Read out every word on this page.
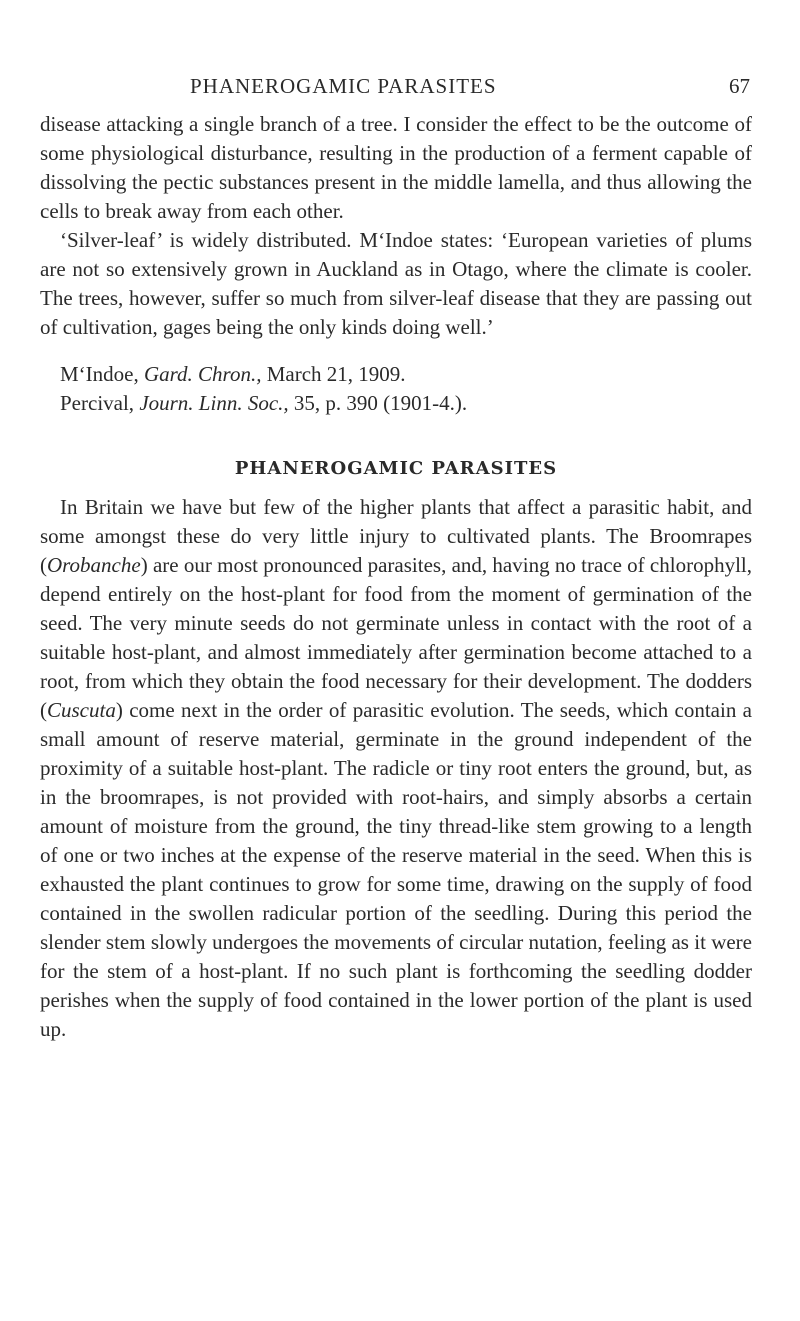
PHANEROGAMIC PARASITES	67

disease attacking a single branch of a tree. I consider the effect to be the outcome of some physiological disturbance, resulting in the production of a ferment capable of dissolving the pectic substances present in the middle lamella, and thus allowing the cells to break away from each other.

‘Silver-leaf’ is widely distributed. M‘Indoe states: ‘European varieties of plums are not so extensively grown in Auckland as in Otago, where the climate is cooler. The trees, however, suffer so much from silver-leaf disease that they are passing out of cultivation, gages being the only kinds doing well.’

M‘Indoe, Gard. Chron., March 21, 1909.

Percival, Journ. Linn. Soc., 35, p. 390 (1901-4.).

PHANEROGAMIC PARASITES

In Britain we have but few of the higher plants that affect a parasitic habit, and some amongst these do very little injury to cultivated plants. The Broomrapes (Orobanche) are our most pronounced parasites, and, having no trace of chlorophyll, depend entirely on the host-plant for food from the moment of germination of the seed. The very minute seeds do not germinate unless in contact with the root of a suitable host-plant, and almost immediately after germination become attached to a root, from which they obtain the food necessary for their development. The dodders (Cuscuta) come next in the order of parasitic evolution. The seeds, which contain a small amount of reserve material, germinate in the ground independent of the proximity of a suitable host-plant. The radicle or tiny root enters the ground, but, as in the broomrapes, is not provided with root-hairs, and simply absorbs a certain amount of moisture from the ground, the tiny thread-like stem growing to a length of one or two inches at the expense of the reserve material in the seed. When this is exhausted the plant continues to grow for some time, drawing on the supply of food contained in the swollen radicular portion of the seedling. During this period the slender stem slowly undergoes the movements of circular nutation, feeling as it were for the stem of a host-plant. If no such plant is forthcoming the seedling dodder perishes when the supply of food contained in the lower portion of the plant is used up.
